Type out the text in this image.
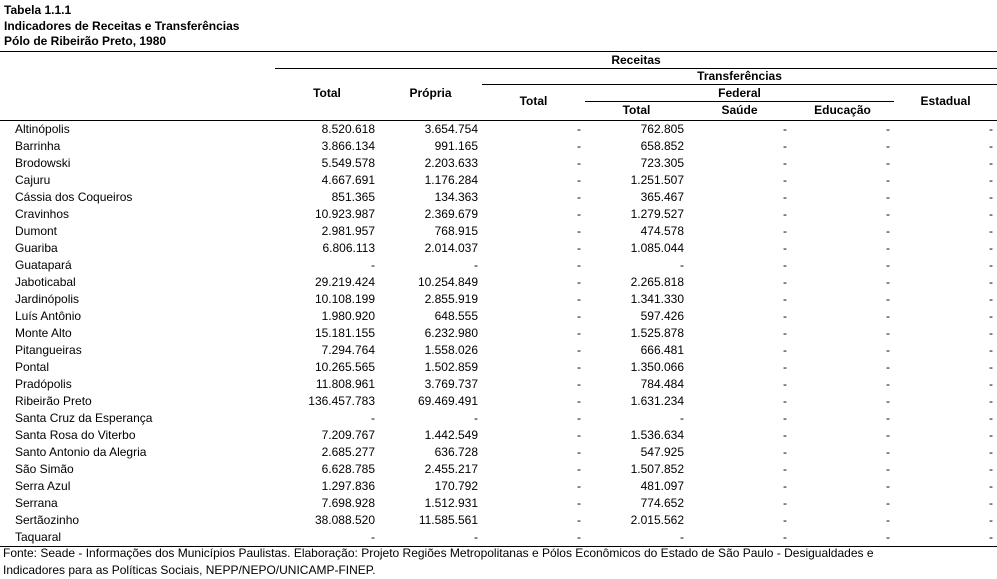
Tabela 1.1.1
Indicadores de Receitas e Transferências
Pólo de Ribeirão Preto, 1980
	Receitas						
	Total	Própria	Transferências				
			Total	Federal			Estadual
				Total	Saúde	Educação	
Altinópolis	8.520.618	3.654.754	-	762.805	-	-	-
Barrinha	3.866.134	991.165	-	658.852	-	-	-
Brodowski	5.549.578	2.203.633	-	723.305	-	-	-
Cajuru	4.667.691	1.176.284	-	1.251.507	-	-	-
Cássia dos Coqueiros	851.365	134.363	-	365.467	-	-	-
Cravinhos	10.923.987	2.369.679	-	1.279.527	-	-	-
Dumont	2.981.957	768.915	-	474.578	-	-	-
Guariba	6.806.113	2.014.037	-	1.085.044	-	-	-
Guatapará	-	-	-	-	-	-	-
Jaboticabal	29.219.424	10.254.849	-	2.265.818	-	-	-
Jardinópolis	10.108.199	2.855.919	-	1.341.330	-	-	-
Luís Antônio	1.980.920	648.555	-	597.426	-	-	-
Monte Alto	15.181.155	6.232.980	-	1.525.878	-	-	-
Pitangueiras	7.294.764	1.558.026	-	666.481	-	-	-
Pontal	10.265.565	1.502.859	-	1.350.066	-	-	-
Pradópolis	11.808.961	3.769.737	-	784.484	-	-	-
Ribeirão Preto	136.457.783	69.469.491	-	1.631.234	-	-	-
Santa Cruz da Esperança	-	-	-	-	-	-	-
Santa Rosa do Viterbo	7.209.767	1.442.549	-	1.536.634	-	-	-
Santo Antonio da Alegria	2.685.277	636.728	-	547.925	-	-	-
São Simão	6.628.785	2.455.217	-	1.507.852	-	-	-
Serra Azul	1.297.836	170.792	-	481.097	-	-	-
Serrana	7.698.928	1.512.931	-	774.652	-	-	-
Sertãozinho	38.088.520	11.585.561	-	2.015.562	-	-	-
Taquaral	-	-	-	-	-	-	-
Fonte: Seade - Informações dos Municípios Paulistas. Elaboração: Projeto Regiões Metropolitanas e Pólos Econômicos do Estado de São Paulo - Desigualdades e
Indicadores para as Políticas Sociais, NEPP/NEPO/UNICAMP-FINEP.
